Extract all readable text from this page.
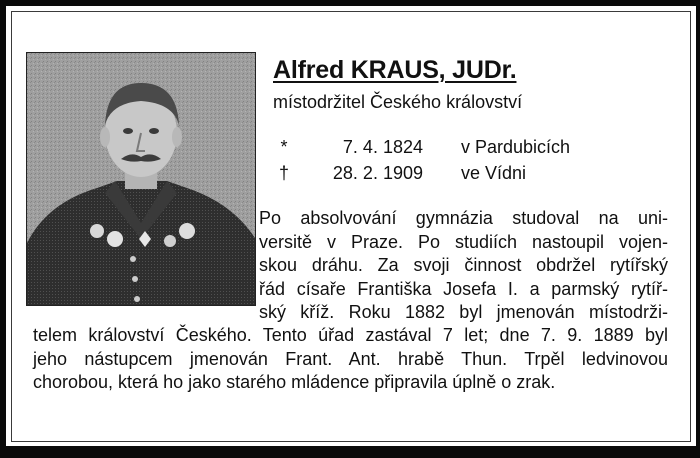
Alfred KRAUS, JUDr.
místodržitel Českého království
*	7. 4. 1824 v Pardubicích
†	28. 2. 1909 ve Vídni
Po absolvování gymnázia studoval na uni-
versitě v Praze. Po studiích nastoupil vojen-
skou dráhu. Za svoji činnost obdržel rytířský
řád císaře Františka Josefa I. a parmský rytíř-
ský kříž. Roku 1882 byl jmenován místodrži-
telem království Českého. Tento úřad zastával 7 let; dne 7. 9. 1889 byl
jeho nástupcem jmenován Frant. Ant. hrabě Thun. Trpěl ledvinovou
chorobou, která ho jako starého mládence připravila úplně o zrak.
